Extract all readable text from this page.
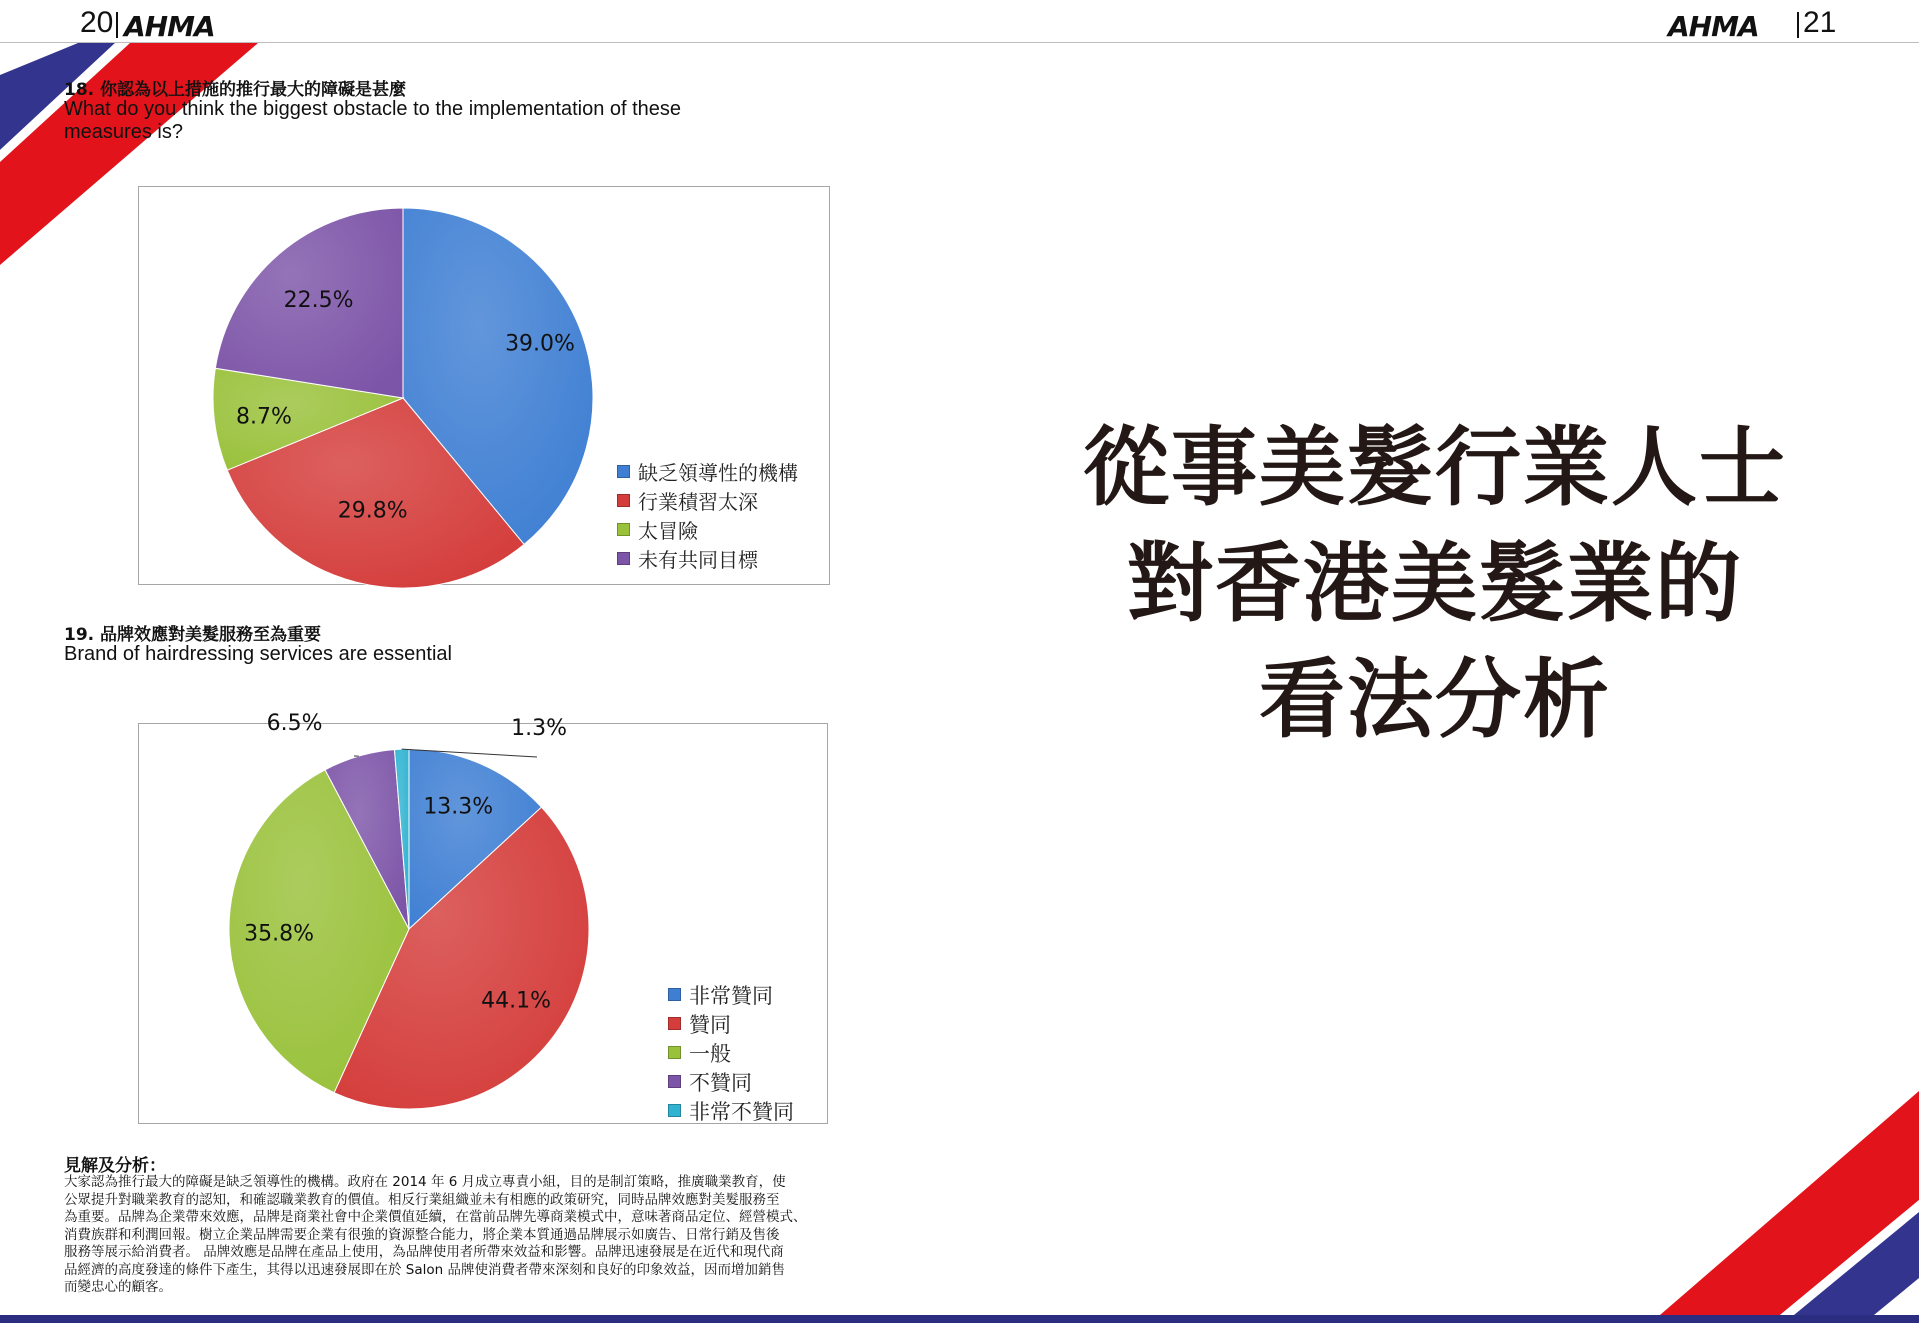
20 AHMA	AHMA 21
18. 你認為以上措施的推行最大的障礙是甚麼
What do you think the biggest obstacle to the implementation of these
measures is?
39.0%
29.8%
8.7%
22.5%
缺乏領導性的機構
行業積習太深
太冒險
未有共同目標
19. 品牌效應對美髮服務至為重要
Brand of hairdressing services are essential
13.3%
44.1%
35.8%
6.5%	1.3%
非常贊同
贊同
一般
不贊同
非常不贊同
見解及分析：
大家認為推行最大的障礙是缺乏領導性的機構。政府在 2014 年 6 月成立專責小組，目的是制訂策略，推廣職業教育，使
公眾提升對職業教育的認知，和確認職業教育的價值。相反行業組織並未有相應的政策研究，同時品牌效應對美髮服務至
為重要。品牌為企業帶來效應，品牌是商業社會中企業價值延續，在當前品牌先導商業模式中，意味著商品定位、經營模式、
消費族群和利潤回報。樹立企業品牌需要企業有很強的資源整合能力，將企業本質通過品牌展示如廣告、日常行銷及售後
服務等展示給消費者。 品牌效應是品牌在產品上使用，為品牌使用者所帶來效益和影響。品牌迅速發展是在近代和現代商
品經濟的高度發達的條件下產生，其得以迅速發展即在於 Salon 品牌使消費者帶來深刻和良好的印象效益，因而增加銷售
而變忠心的顧客。
從事美髮行業人士
對香港美髮業的
看法分析
